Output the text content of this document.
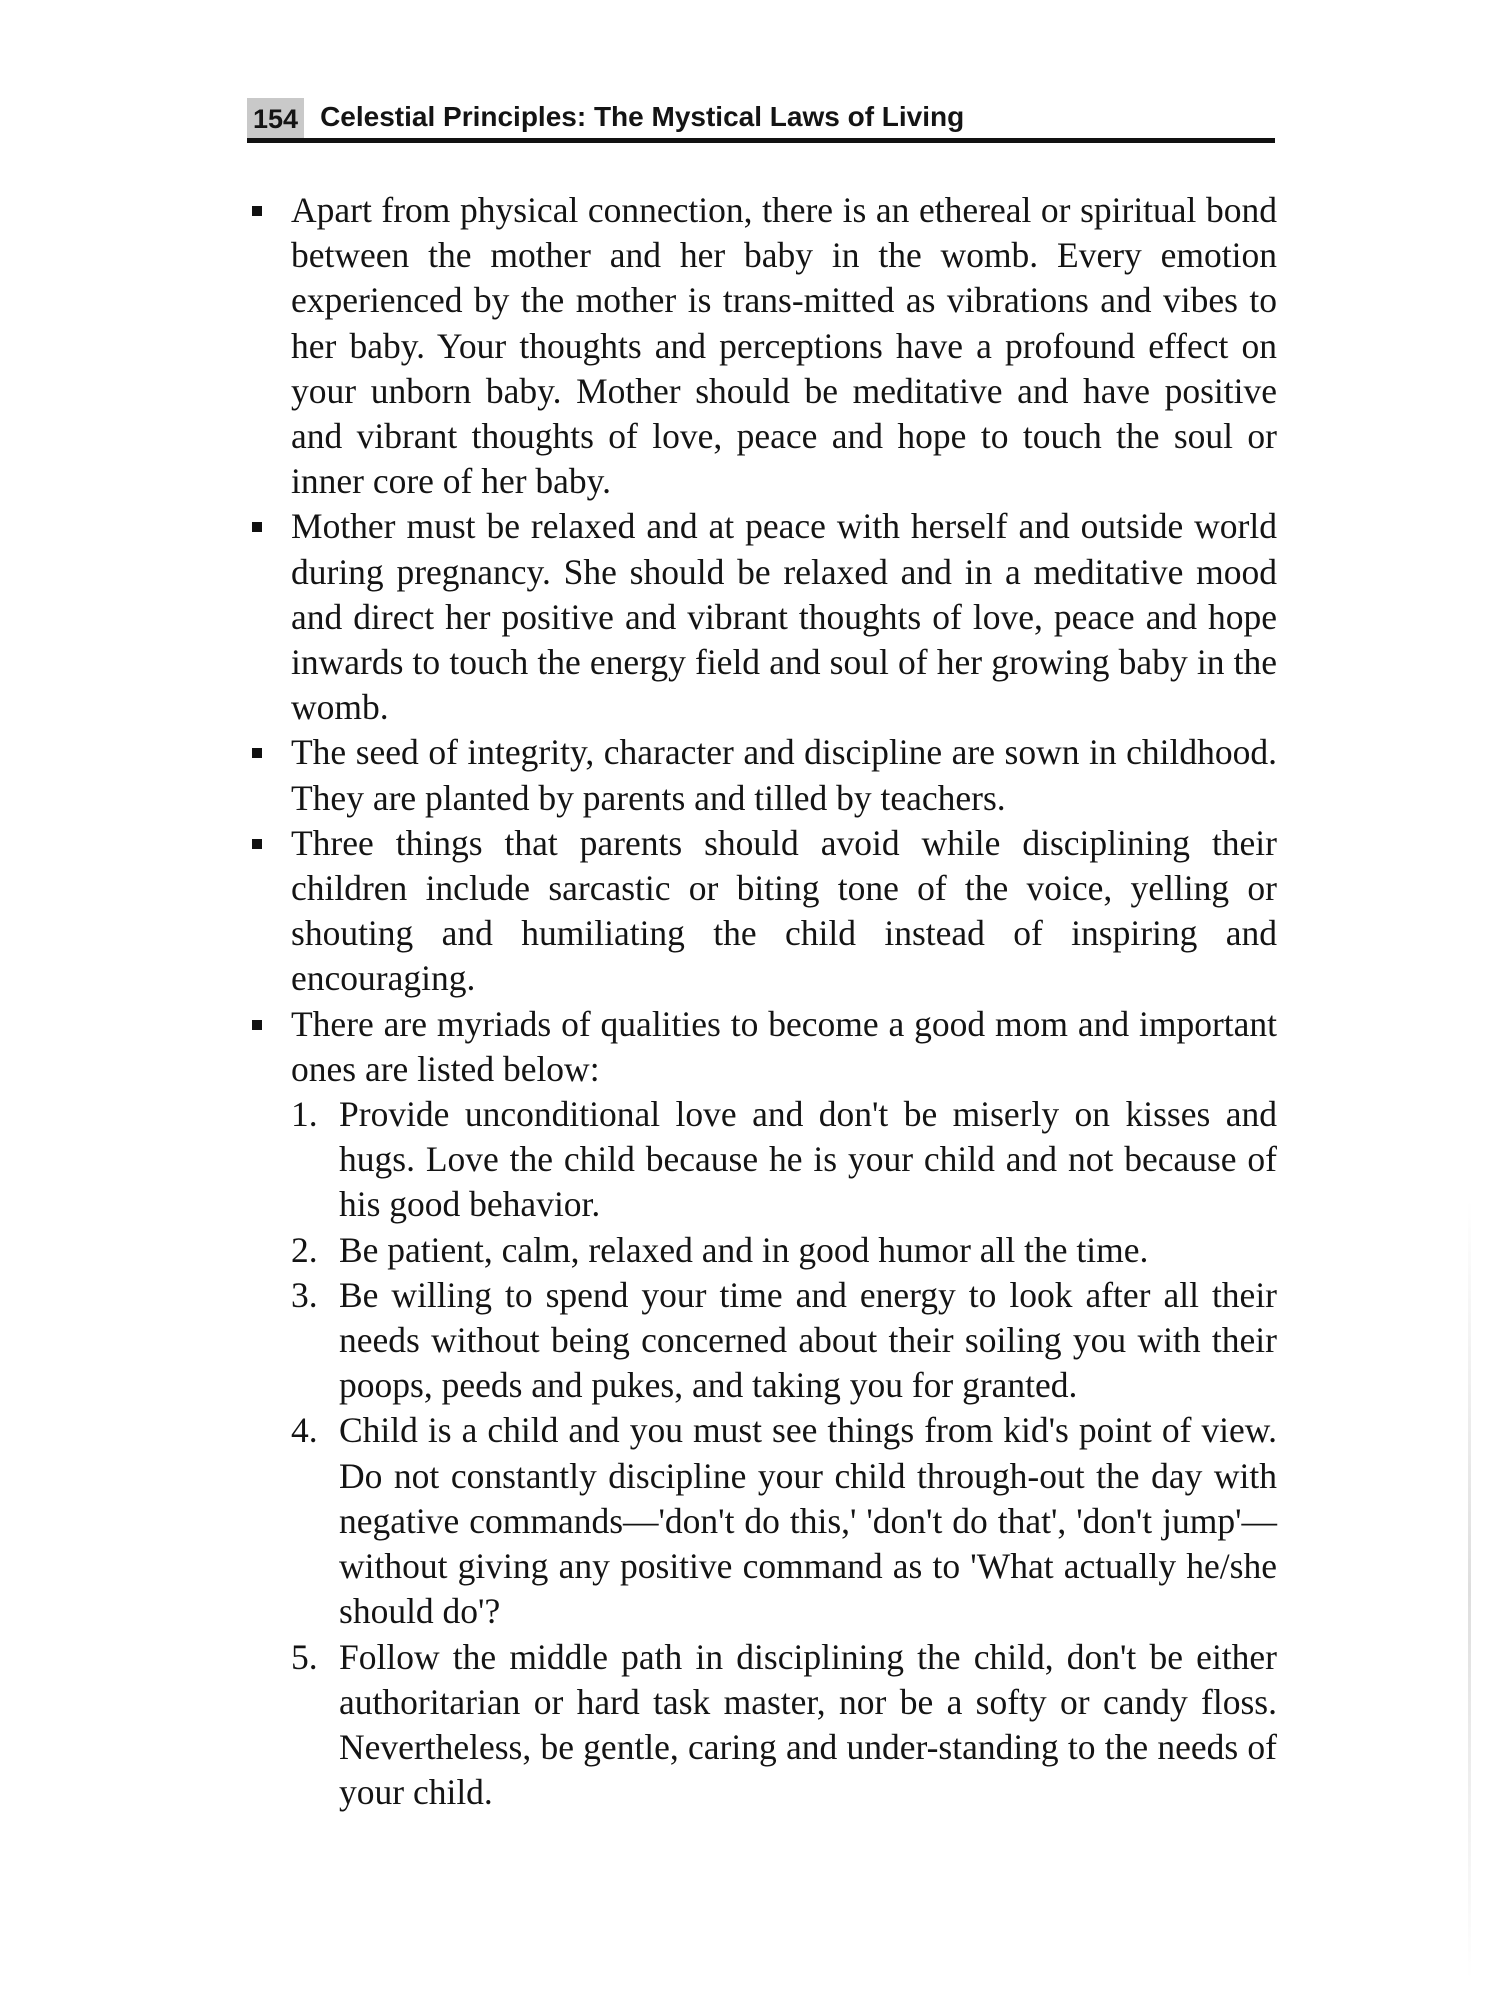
154 Celestial Principles: The Mystical Laws of Living
Apart from physical connection, there is an ethereal or spiritual bond between the mother and her baby in the womb. Every emotion experienced by the mother is trans-mitted as vibrations and vibes to her baby. Your thoughts and perceptions have a profound effect on your unborn baby. Mother should be meditative and have positive and vibrant thoughts of love, peace and hope to touch the soul or inner core of her baby.
Mother must be relaxed and at peace with herself and outside world during pregnancy. She should be relaxed and in a meditative mood and direct her positive and vibrant thoughts of love, peace and hope inwards to touch the energy field and soul of her growing baby in the womb.
The seed of integrity, character and discipline are sown in childhood. They are planted by parents and tilled by teachers.
Three things that parents should avoid while disciplining their children include sarcastic or biting tone of the voice, yelling or shouting and humiliating the child instead of inspiring and encouraging.
There are myriads of qualities to become a good mom and important ones are listed below:
1. Provide unconditional love and don't be miserly on kisses and hugs. Love the child because he is your child and not because of his good behavior.
2. Be patient, calm, relaxed and in good humor all the time.
3. Be willing to spend your time and energy to look after all their needs without being concerned about their soiling you with their poops, peeds and pukes, and taking you for granted.
4. Child is a child and you must see things from kid's point of view. Do not constantly discipline your child through-out the day with negative commands—'don't do this,' 'don't do that', 'don't jump'—without giving any positive command as to 'What actually he/she should do'?
5. Follow the middle path in disciplining the child, don't be either authoritarian or hard task master, nor be a softy or candy floss. Nevertheless, be gentle, caring and under-standing to the needs of your child.
